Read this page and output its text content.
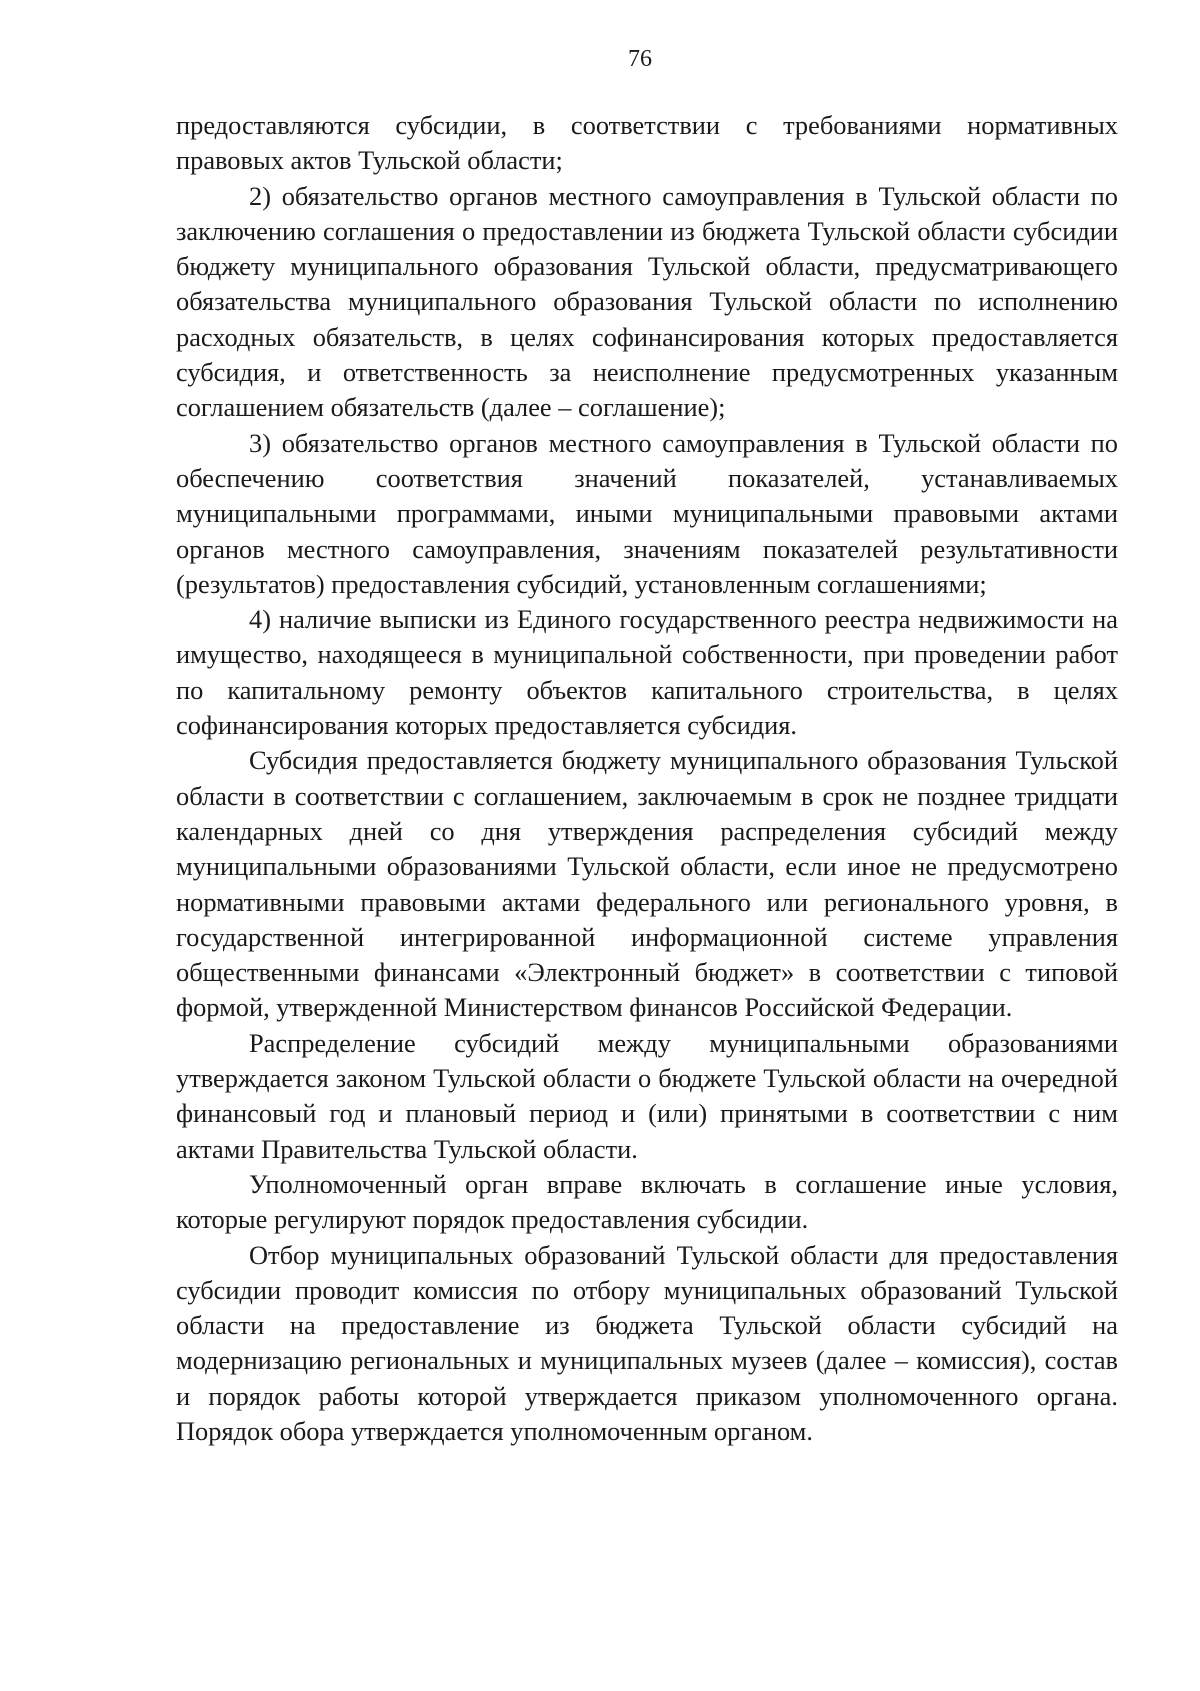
76

предоставляются субсидии, в соответствии с требованиями нормативных правовых актов Тульской области;

2) обязательство органов местного самоуправления в Тульской области по заключению соглашения о предоставлении из бюджета Тульской области субсидии бюджету муниципального образования Тульской области, предусматривающего обязательства муниципального образования Тульской области по исполнению расходных обязательств, в целях софинансирования которых предоставляется субсидия, и ответственность за неисполнение предусмотренных указанным соглашением обязательств (далее – соглашение);

3) обязательство органов местного самоуправления в Тульской области по обеспечению соответствия значений показателей, устанавливаемых муниципальными программами, иными муниципальными правовыми актами органов местного самоуправления, значениям показателей результативности (результатов) предоставления субсидий, установленным соглашениями;

4) наличие выписки из Единого государственного реестра недвижимости на имущество, находящееся в муниципальной собственности, при проведении работ по капитальному ремонту объектов капитального строительства, в целях софинансирования которых предоставляется субсидия.

Субсидия предоставляется бюджету муниципального образования Тульской области в соответствии с соглашением, заключаемым в срок не позднее тридцати календарных дней со дня утверждения распределения субсидий между муниципальными образованиями Тульской области, если иное не предусмотрено нормативными правовыми актами федерального или регионального уровня, в государственной интегрированной информационной системе управления общественными финансами «Электронный бюджет» в соответствии с типовой формой, утвержденной Министерством финансов Российской Федерации.

Распределение субсидий между муниципальными образованиями утверждается законом Тульской области о бюджете Тульской области на очередной финансовый год и плановый период и (или) принятыми в соответствии с ним актами Правительства Тульской области.

Уполномоченный орган вправе включать в соглашение иные условия, которые регулируют порядок предоставления субсидии.

Отбор муниципальных образований Тульской области для предоставления субсидии проводит комиссия по отбору муниципальных образований Тульской области на предоставление из бюджета Тульской области субсидий на модернизацию региональных и муниципальных музеев (далее – комиссия), состав и порядок работы которой утверждается приказом уполномоченного органа. Порядок обора утверждается уполномоченным органом.
